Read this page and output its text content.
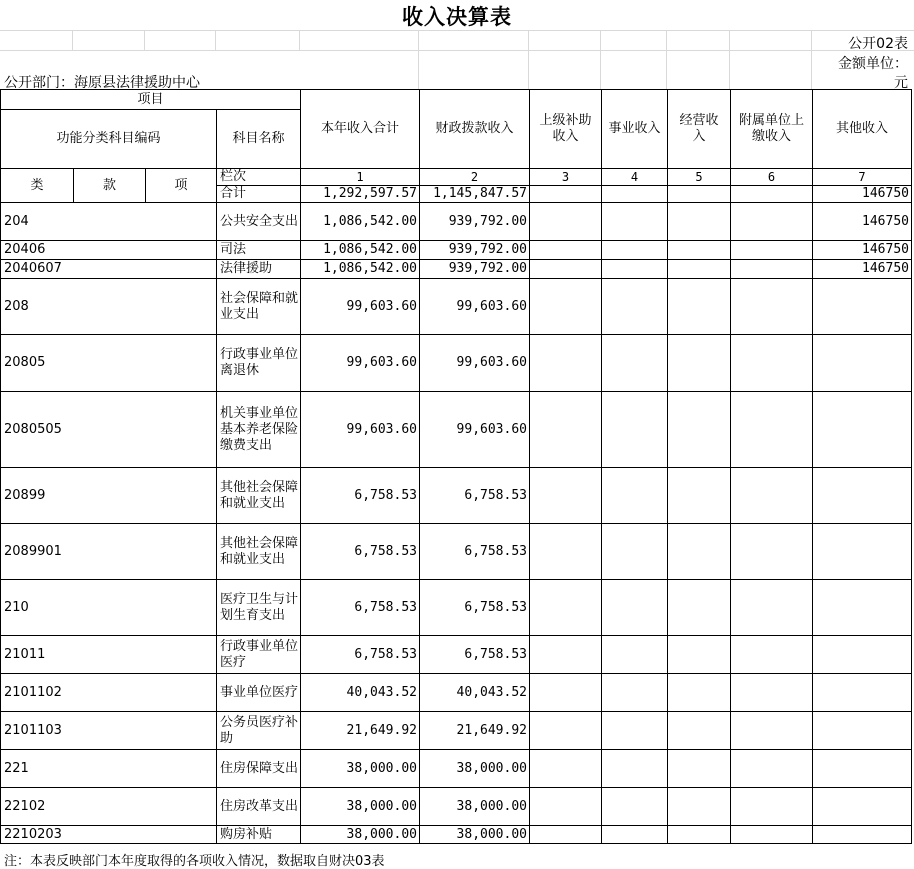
收入决算表
公开02表
金额单位：
公开部门：海原县法律援助中心	元
项目				本年收入合计	财政拨款收入	上级补助收入	事业收入	经营收入	附属单位上缴收入	其他收入
功能分类科目编码			科目名称							

类	款	项	栏次	1	2	3	4	5	6	7
			合计	1,292,597.57	1,145,847.57					146750
204			公共安全支出	1,086,542.00	939,792.00					146750
20406			司法	1,086,542.00	939,792.00					146750
2040607			法律援助	1,086,542.00	939,792.00					146750
208			社会保障和就业支出	99,603.60	99,603.60					
20805			行政事业单位离退休	99,603.60	99,603.60					
2080505			机关事业单位基本养老保险缴费支出	99,603.60	99,603.60					
20899			其他社会保障和就业支出	6,758.53	6,758.53					
2089901			其他社会保障和就业支出	6,758.53	6,758.53					
210			医疗卫生与计划生育支出	6,758.53	6,758.53					
21011			行政事业单位医疗	6,758.53	6,758.53					
2101102			事业单位医疗	40,043.52	40,043.52					
2101103			公务员医疗补助	21,649.92	21,649.92					
221			住房保障支出	38,000.00	38,000.00					
22102			住房改革支出	38,000.00	38,000.00					
2210203			购房补贴	38,000.00	38,000.00					
注：本表反映部门本年度取得的各项收入情况，数据取自财决03表
